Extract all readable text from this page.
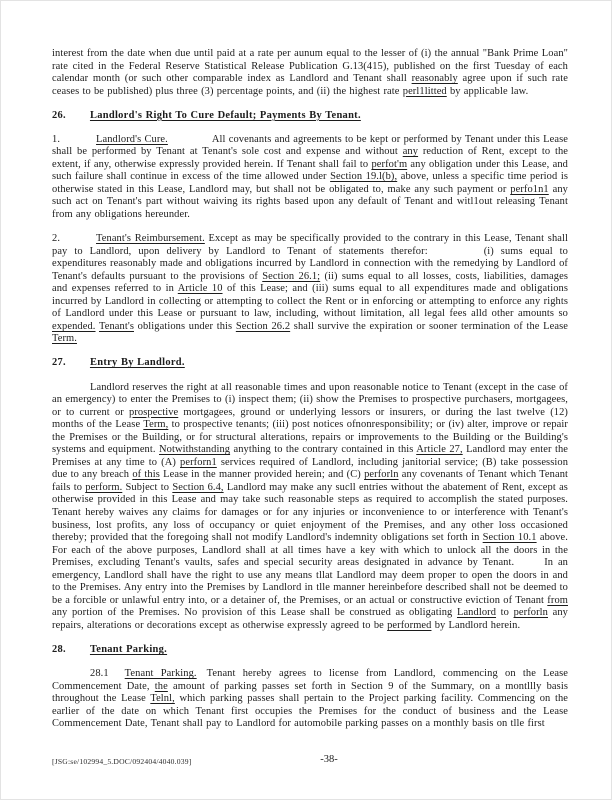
interest from the date when due until paid at a rate per aunum equal to the lesser of (i) the annual "Bank Prime Loan" rate cited in the Federal Reserve Statistical Release Publication G.13(415), published on the first Tuesday of each calendar month (or such other comparable index as Landlord and Tenant shall reasonably agree upon if such rate ceases to be published) plus three (3) percentage points, and (ii) the highest rate perl1litted by applicable law.

26. Landlord's Right To Cure Default; Payments By Tenant.

1.	Landlord's Cure.	All covenants and agreements to be kept or performed by Tenant under this Lease shall be performed by Tenant at Tenant's sole cost and expense and without any reduction of Rent, except to the extent, if any, otherwise expressly provided herein. If Tenant shall fail to perfot'm any obligation under this Lease, and such failure shall continue in excess of the time allowed under Section 19.l(b), above, unless a specific time period is otherwise stated in this Lease, Landlord may, but shall not be obligated to, make any such payment or perfo1n1 any such act on Tenant's part without waiving its rights based upon any default of Tenant and witl1out releasing Tenant from any obligations hereunder.

2.	Tenant's Reimbursement. Except as may be specifically provided to the contrary in this Lease, Tenant shall pay to Landlord, upon delivery by Landlord to Tenant of statements therefor:	(i) sums equal to expenditures reasonably made and obligations incurred by Landlord in connection with the remedying by Landlord of Tenant's defaults pursuant to the provisions of Section 26.1; (ii) sums equal to all losses, costs, liabilities, damages and expenses referred to in Article 10 of this Lease; and (iii) sums equal to all expenditures made and obligations incurred by Landlord in collecting or attempting to collect the Rent or in enforcing or attempting to enforce any rights of Landlord under this Lease or pursuant to law, including, without limitation, all legal fees alld other amounts so expended. Tenant's obligations under this Section 26.2 shall survive the expiration or sooner termination of the Lease Term.

27. Entry By Landlord.

Landlord reserves the right at all reasonable times and upon reasonable notice to Tenant (except in the case of an emergency) to enter the Premises to (i) inspect them; (ii) show the Premises to prospective purchasers, mortgagees, or to current or prospective mortgagees, ground or underlying lessors or insurers, or during the last twelve (12) months of the Lease Term, to prospective tenants; (iii) post notices ofnonresponsibility; or (iv) alter, improve or repair the Premises or the Building, or for structural alterations, repairs or improvements to the Building or the Building's systems and equipment. Notwithstanding anything to the contrary contained in this Article 27, Landlord may enter the Premises at any time to (A) perforn1 services required of Landlord, including janitorial service; (B) take possession due to any breach of this Lease in the manner provided herein; and (C) perforln any covenants of Tenant which Tenant fails to perform. Subject to Section 6.4, Landlord may make any sucll entries without the abatement of Rent, except as otherwise provided in this Lease and may take such reasonable steps as required to accomplish the stated purposes. Tenant hereby waives any claims for damages or for any injuries or inconvenience to or interference with Tenant's business, lost profits, any loss of occupancy or quiet enjoyment of the Premises, and any other loss occasioned thereby; provided that the foregoing shall not modify Landlord's indemnity obligations set forth in Section 10.1 above. For each of the above purposes, Landlord shall at all times have a key with which to unlock all the doors in the Premises, excluding Tenant's vaults, safes and special security areas designated in advance by Tenant.	In an emergency, Landlord shall have the right to use any means tllat Landlord may deem proper to open the doors in and to the Premises. Any entry into the Premises by Landlord in tlle manner hereinbefore described shall not be deemed to be a forcible or unlawful entry into, or a detainer of, the Premises, or an actual or constructive eviction of Tenant from any portion of the Premises. No provision of this Lease shall be construed as obligating Landlord to perforln any repairs, alterations or decorations except as otherwise expressly agreed to be performed by Landlord herein.

28. Tenant Parking.

28.1 Tenant Parking. Tenant hereby agrees to license from Landlord, commencing on the Lease Commencement Date, the amount of parking passes set forth in Section 9 of the Summary, on a montllly basis throughout the Lease Telnl, which parking passes shall pertain to the Project parking facility. Commencing on the earlier of the date on which Tenant first occupies the Premises for the conduct of business and the Lease Commencement Date, Tenant shall pay to Landlord for automobile parking passes on a monthly basis on tlle first

[JSG:se/102994_5.DOC/092404/4040.039]	-38-
